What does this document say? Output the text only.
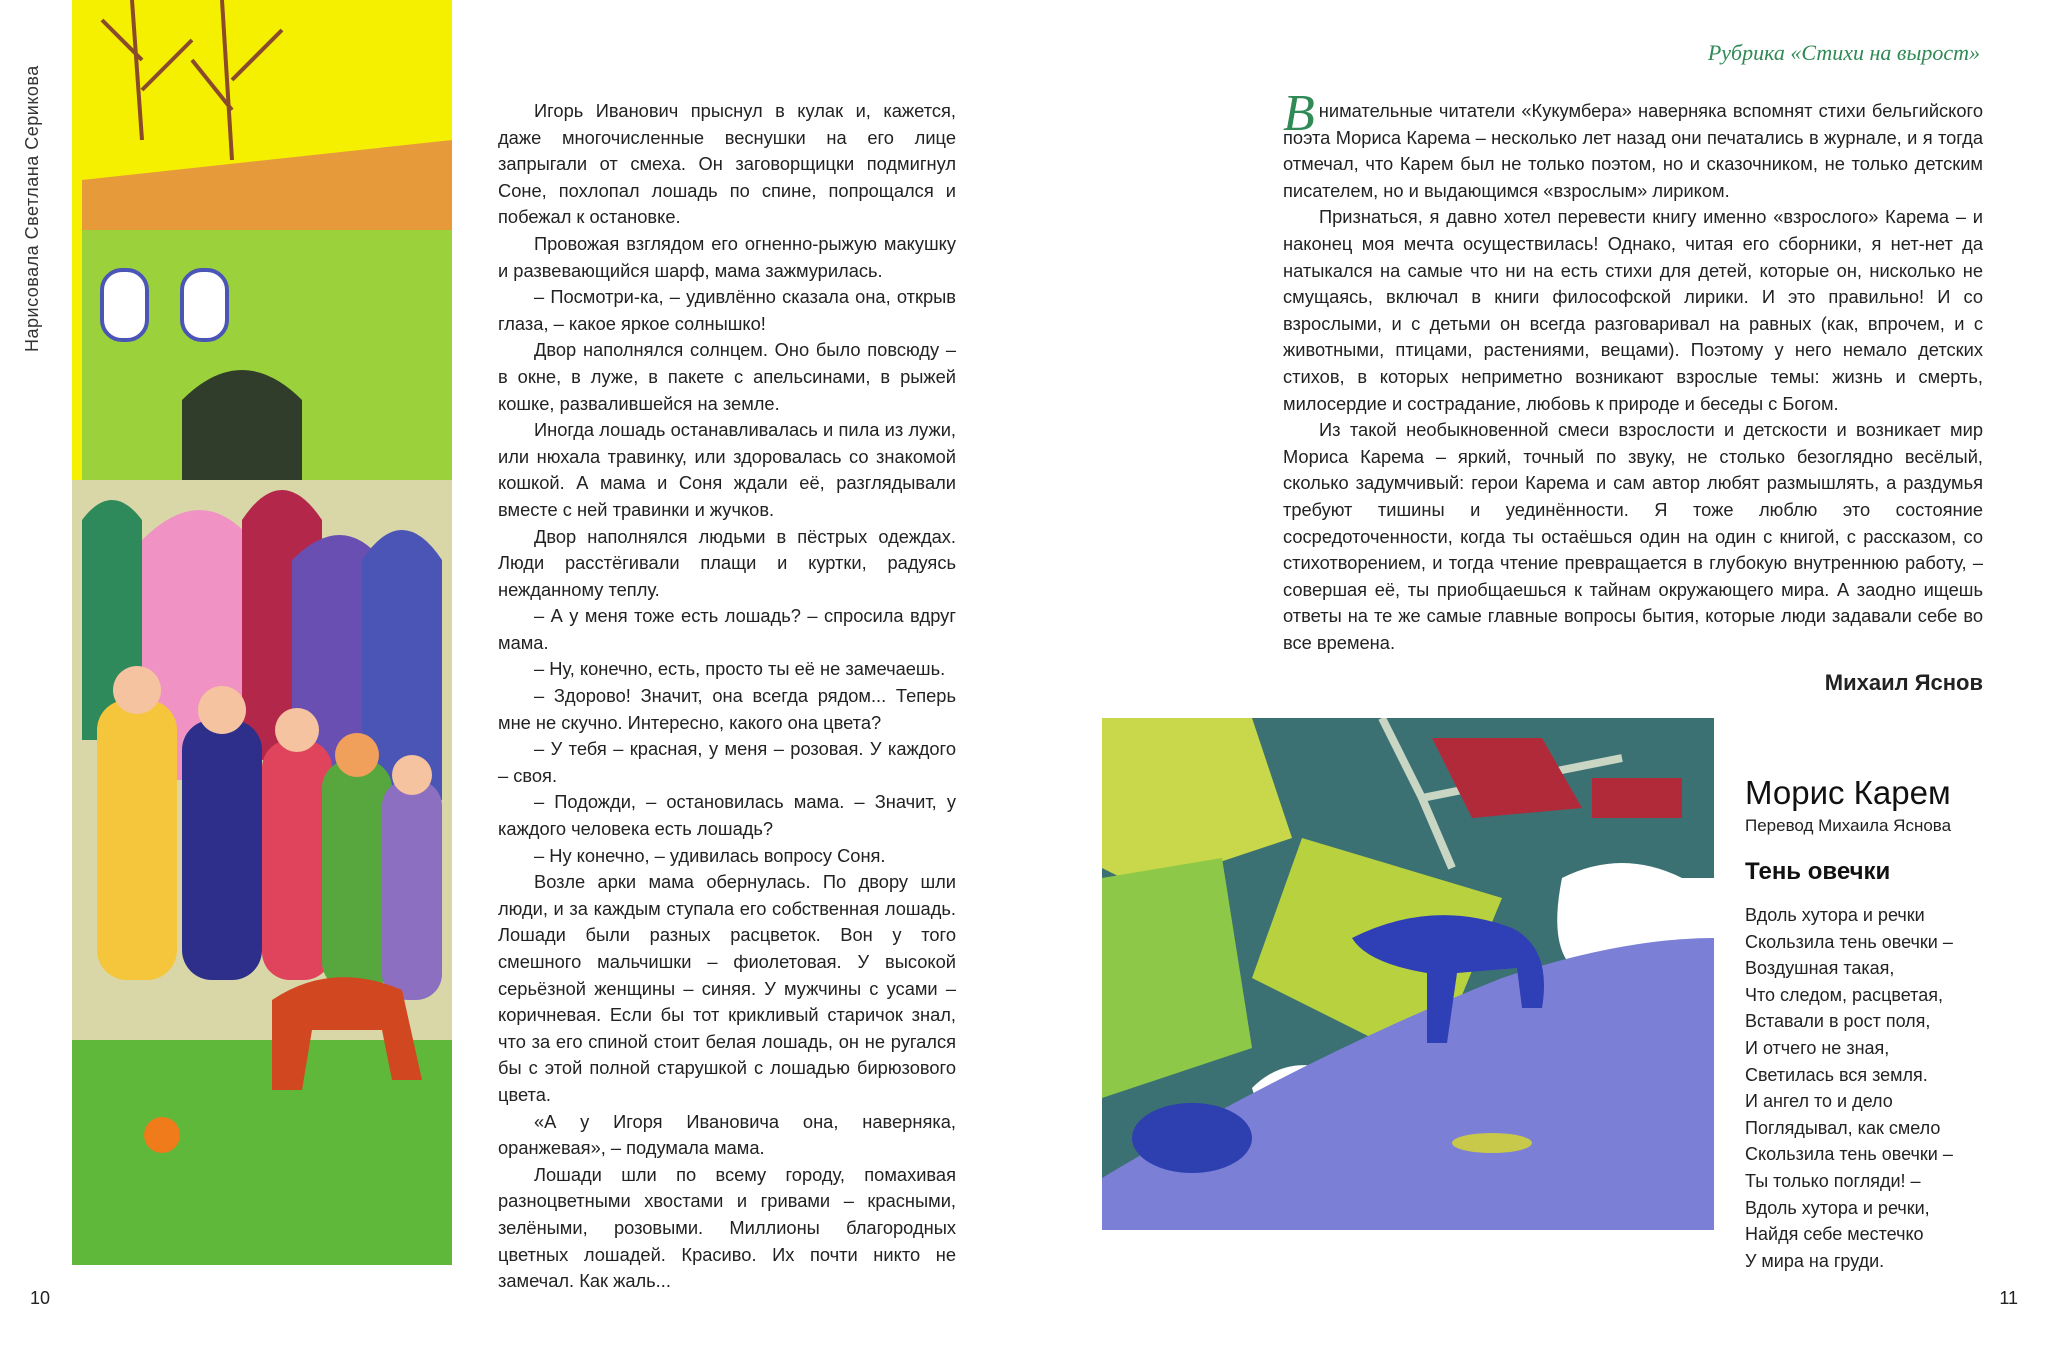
Нарисовала Светлана Серикова	Игорь Иванович прыснул в кулак и, кажется, даже многочисленные веснушки на его лице запрыгали от смеха. Он заговорщицки подмигнул Соне, похлопал лошадь по спине, попрощался и побежал к остановке.

Провожая взглядом его огненно-рыжую макушку и развевающийся шарф, мама зажмурилась.

– Посмотри-ка, – удивлённо сказала она, открыв глаза, – какое яркое солнышко!

Двор наполнялся солнцем. Оно было повсюду – в окне, в луже, в пакете с апельсинами, в рыжей кошке, развалившейся на земле.

Иногда лошадь останавливалась и пила из лужи, или нюхала травинку, или здоровалась со знакомой кошкой. А мама и Соня ждали её, разглядывали вместе с ней травинки и жучков.

Двор наполнялся людьми в пёстрых одеждах. Люди расстёгивали плащи и куртки, радуясь нежданному теплу.

– А у меня тоже есть лошадь? – спросила вдруг мама.

– Ну, конечно, есть, просто ты её не замечаешь.

– Здорово! Значит, она всегда рядом... Теперь мне не скучно. Интересно, какого она цвета?

– У тебя – красная, у меня – розовая. У каждого – своя.

– Подожди, – остановилась мама. – Значит, у каждого человека есть лошадь?

– Ну конечно, – удивилась вопросу Соня.

Возле арки мама обернулась. По двору шли люди, и за каждым ступала его собственная лошадь. Лошади были разных расцветок. Вон у того смешного мальчишки – фиолетовая. У высокой серьёзной женщины – синяя. У мужчины с усами – коричневая. Если бы тот крикливый старичок знал, что за его спиной стоит белая лошадь, он не ругался бы с этой полной старушкой с лошадью бирюзового цвета.

«А у Игоря Ивановича она, наверняка, оранжевая», – подумала мама.

Лошади шли по всему городу, помахивая разноцветными хвостами и гривами – красными, зелёными, розовыми. Миллионы благородных цветных лошадей. Красиво. Их почти никто не замечал. Как жаль...

10
Рубрика «Стихи на вырост»

Внимательные читатели «Кукумбера» наверняка вспомнят стихи бельгийского поэта Мориса Карема – несколько лет назад они печатались в журнале, и я тогда отмечал, что Карем был не только поэтом, но и сказочником, не только детским писателем, но и выдающимся «взрослым» лириком.

Признаться, я давно хотел перевести книгу именно «взрослого» Карема – и наконец моя мечта осуществилась! Однако, читая его сборники, я нет-нет да натыкался на самые что ни на есть стихи для детей, которые он, нисколько не смущаясь, включал в книги философской лирики. И это правильно! И со взрослыми, и с детьми он всегда разговаривал на равных (как, впрочем, и с животными, птицами, растениями, вещами). Поэтому у него немало детских стихов, в которых неприметно возникают взрослые темы: жизнь и смерть, милосердие и сострадание, любовь к природе и беседы с Богом.

Из такой необыкновенной смеси взрослости и детскости и возникает мир Мориса Карема – яркий, точный по звуку, не столько безоглядно весёлый, сколько задумчивый: герои Карема и сам автор любят размышлять, а раздумья требуют тишины и уединённости. Я тоже люблю это состояние сосредоточенности, когда ты остаёшься один на один с книгой, с рассказом, со стихотворением, и тогда чтение превращается в глубокую внутреннюю работу, – совершая её, ты приобщаешься к тайнам окружающего мира. А заодно ищешь ответы на те же самые главные вопросы бытия, которые люди задавали себе во все времена.

Михаил Яснов
Морис Карем
Перевод Михаила Яснова
Тень овечки
Вдоль хутора и речки
Скользила тень овечки –
Воздушная такая,
Что следом, расцветая,
Вставали в рост поля,
И отчего не зная,
Светилась вся земля.
И ангел то и дело
Поглядывал, как смело
Скользила тень овечки –
Ты только погляди! –
Вдоль хутора и речки,
Найдя себе местечко
У мира на груди.
11
